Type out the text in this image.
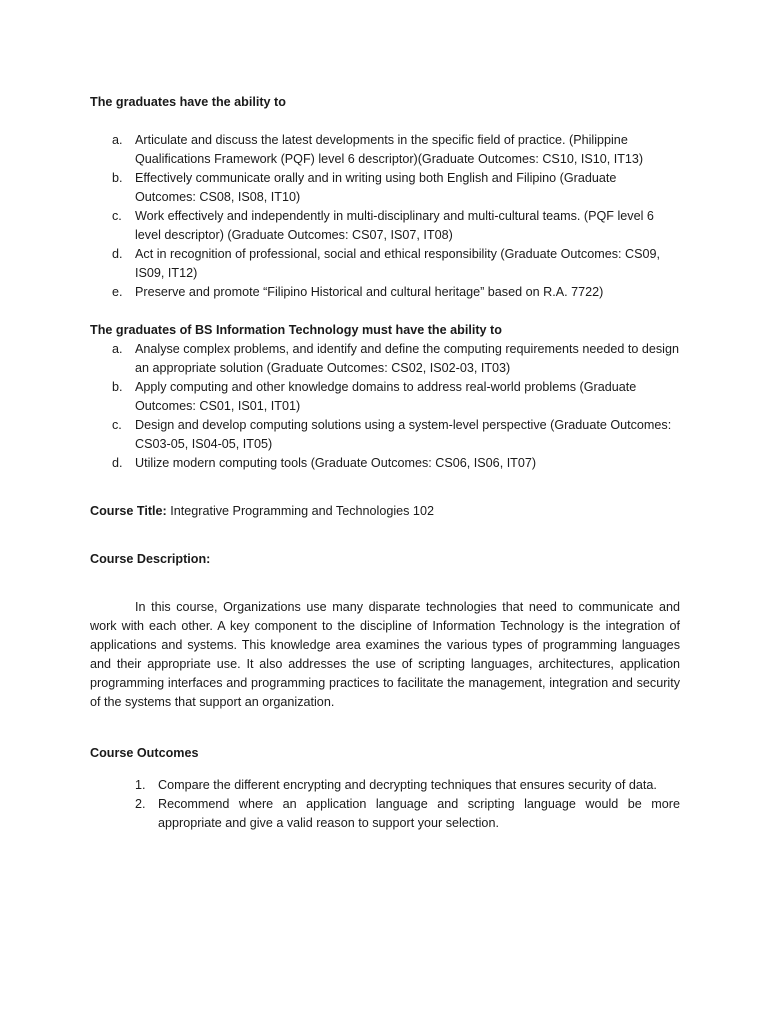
The graduates have the ability to

a. Articulate and discuss the latest developments in the specific field of practice. (Philippine Qualifications Framework (PQF) level 6 descriptor)(Graduate Outcomes: CS10, IS10, IT13)
b. Effectively communicate orally and in writing using both English and Filipino (Graduate Outcomes: CS08, IS08, IT10)
c. Work effectively and independently in multi-disciplinary and multi-cultural teams. (PQF level 6 level descriptor) (Graduate Outcomes: CS07, IS07, IT08)
d. Act in recognition of professional, social and ethical responsibility (Graduate Outcomes: CS09, IS09, IT12)
e. Preserve and promote “Filipino Historical and cultural heritage” based on R.A. 7722)

The graduates of BS Information Technology must have the ability to

a. Analyse complex problems, and identify and define the computing requirements needed to design an appropriate solution (Graduate Outcomes: CS02, IS02-03, IT03)
b. Apply computing and other knowledge domains to address real-world problems (Graduate Outcomes: CS01, IS01, IT01)
c. Design and develop computing solutions using a system-level perspective (Graduate Outcomes: CS03-05, IS04-05, IT05)
d. Utilize modern computing tools (Graduate Outcomes: CS06, IS06, IT07)

Course Title: Integrative Programming and Technologies 102

Course Description:

In this course, Organizations use many disparate technologies that need to communicate and work with each other. A key component to the discipline of Information Technology is the integration of applications and systems. This knowledge area examines the various types of programming languages and their appropriate use. It also addresses the use of scripting languages, architectures, application programming interfaces and programming practices to facilitate the management, integration and security of the systems that support an organization.

Course Outcomes

1. Compare the different encrypting and decrypting techniques that ensures security of data.
2. Recommend where an application language and scripting language would be more appropriate and give a valid reason to support your selection.
